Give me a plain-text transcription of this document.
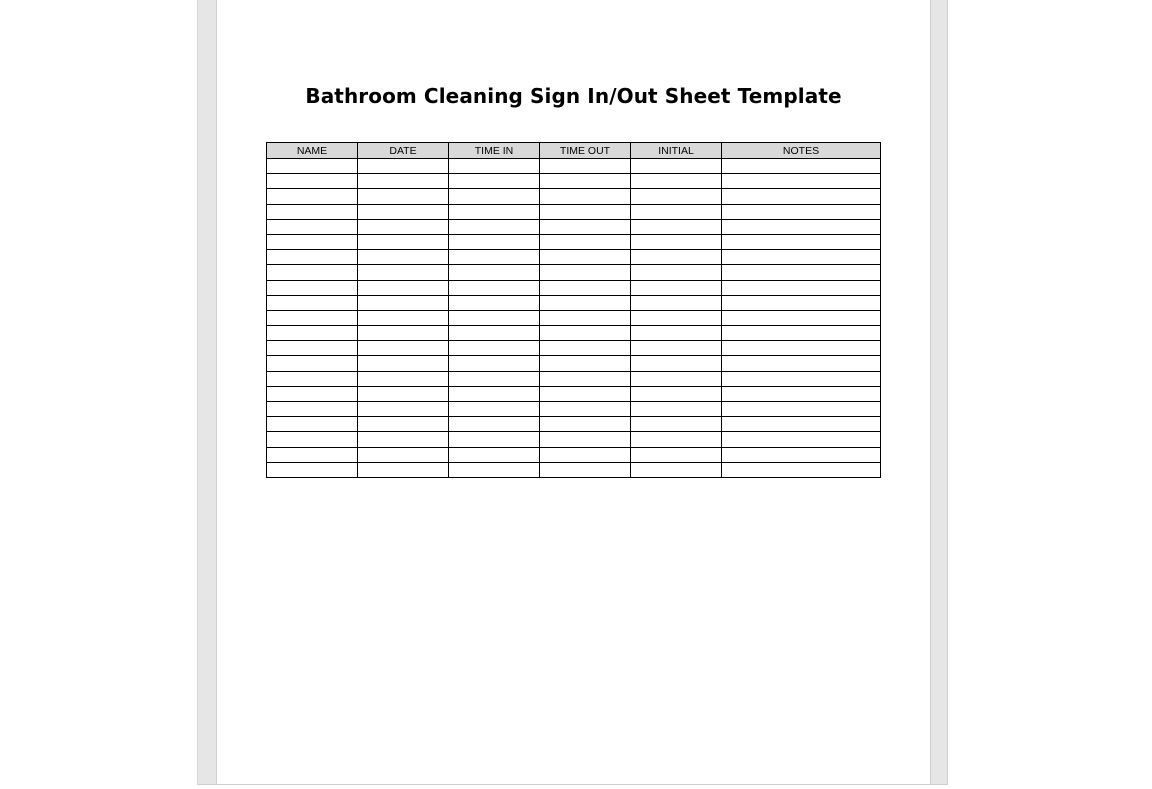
Bathroom Cleaning Sign In/Out Sheet Template
NAME	DATE	TIME IN	TIME OUT	INITIAL	NOTES
